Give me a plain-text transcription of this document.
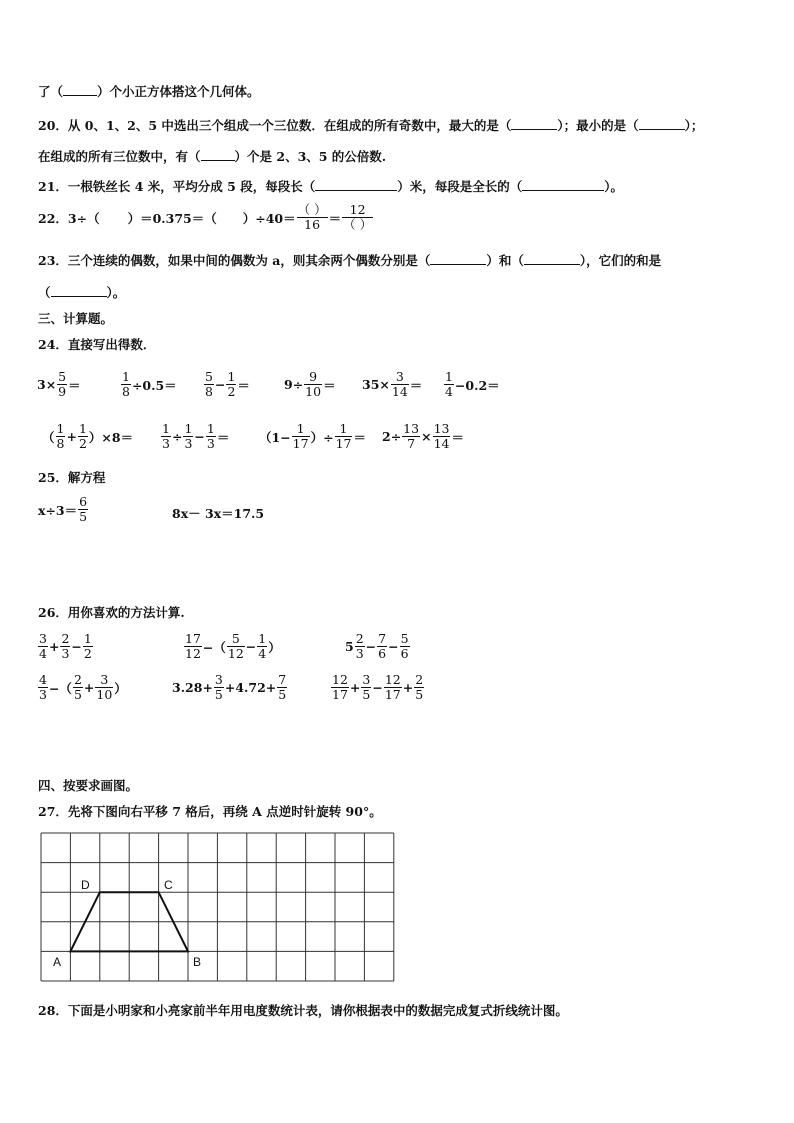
了（	）个小正方体搭这个几何体。
20．从 0、1、2、5 中选出三个组成一个三位数．在组成的所有奇数中，最大的是（	）；最小的是（	）；
在组成的所有三位数中，有（	）个是 2、3、5 的公倍数.
21．一根铁丝长 4 米，平均分成 5 段，每段长（	）米，每段是全长的（	）。
22． 3÷（ ）＝0.375＝（ ）$\div 40= \frac{( )}{16} = \frac{12}{( )}$
23．三个连续的偶数，如果中间的偶数为 a，则其余两个偶数分别是（	）和（	），它们的和是
（	）。
三、计算题。
24．直接写出得数．
$3\times \frac{5}{9}$ ＝	$\frac{1}{8} \div 0.5= \frac{5}{8} - \frac{1}{2}$ ＝	$9\div \frac{9}{10} = 35\times \frac{3}{14} = \frac{1}{4} -0.2=$
（ $\frac{1}{8} + \frac{1}{2} )\times 8= \frac{1}{3} \div \frac{1}{3} - \frac{1}{3} = (1- \frac{1}{17}$ ）÷ $\frac{1}{17} = 2\div \frac{13}{7} \times \frac{13}{14}$ ＝
25．解方程
$x\div 3= \frac{6}{5}$	8x－ 3x＝17.5
26．用你喜欢的方法计算.
$\frac{3}{4} + \frac{2}{3} - \frac{1}{2}$	$\frac{17}{12}$ −（ $\frac{5}{12} - \frac{1}{4}$ ）	$5 \frac{2}{3} - \frac{7}{6} - \frac{5}{6}$
$\frac{4}{3}$ −（ $\frac{2}{5} + \frac{3}{10}$ ）	$3.28+ \frac{3}{5} +4.72+ \frac{7}{5}$	$\frac{12}{17} + \frac{3}{5} - \frac{12}{17} + \frac{2}{5}$
四、按要求画图。
27．先将下图向右平移 7 格后，再绕 A 点逆时针旋转 90°。
A	B
C
D
28．下面是小明家和小亮家前半年用电度数统计表，请你根据表中的数据完成复式折线统计图。
